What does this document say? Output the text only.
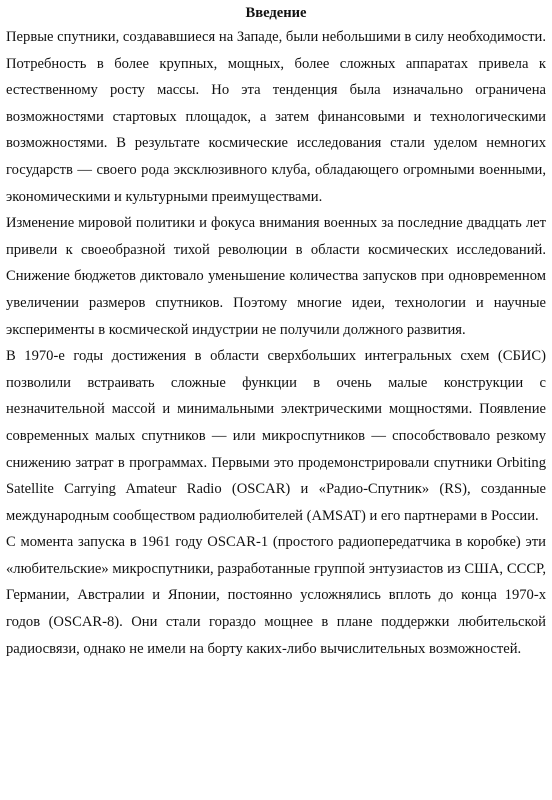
Введение

Первые спутники, создававшиеся на Западе, были небольшими в силу необходимости. Потребность в более крупных, мощных, более сложных аппаратах привела к естественному росту массы. Но эта тенденция была изначально ограничена возможностями стартовых площадок, а затем финансовыми и технологическими возможностями. В результате космические исследования стали уделом немногих государств — своего рода эксклюзивного клуба, обладающего огромными военными, экономическими и культурными преимуществами.

Изменение мировой политики и фокуса внимания военных за последние двадцать лет привели к своеобразной тихой революции в области космических исследований. Снижение бюджетов диктовало уменьшение количества запусков при одновременном увеличении размеров спутников. Поэтому многие идеи, технологии и научные эксперименты в космической индустрии не получили должного развития.

В 1970-е годы достижения в области сверхбольших интегральных схем (СБИС) позволили встраивать сложные функции в очень малые конструкции с незначительной массой и минимальными электрическими мощностями. Появление современных малых спутников — или микроспутников — способствовало резкому снижению затрат в программах. Первыми это продемонстрировали спутники Orbiting Satellite Carrying Amateur Radio (OSCAR) и «Радио-Спутник» (RS), созданные международным сообществом радиолюбителей (AMSAT) и его партнерами в России.

С момента запуска в 1961 году OSCAR-1 (простого радиопередатчика в коробке) эти «любительские» микроспутники, разработанные группой энтузиастов из США, СССР, Германии, Австралии и Японии, постоянно усложнялись вплоть до конца 1970-х годов (OSCAR-8). Они стали гораздо мощнее в плане поддержки любительской радиосвязи, однако не имели на борту каких-либо вычислительных возможностей.
